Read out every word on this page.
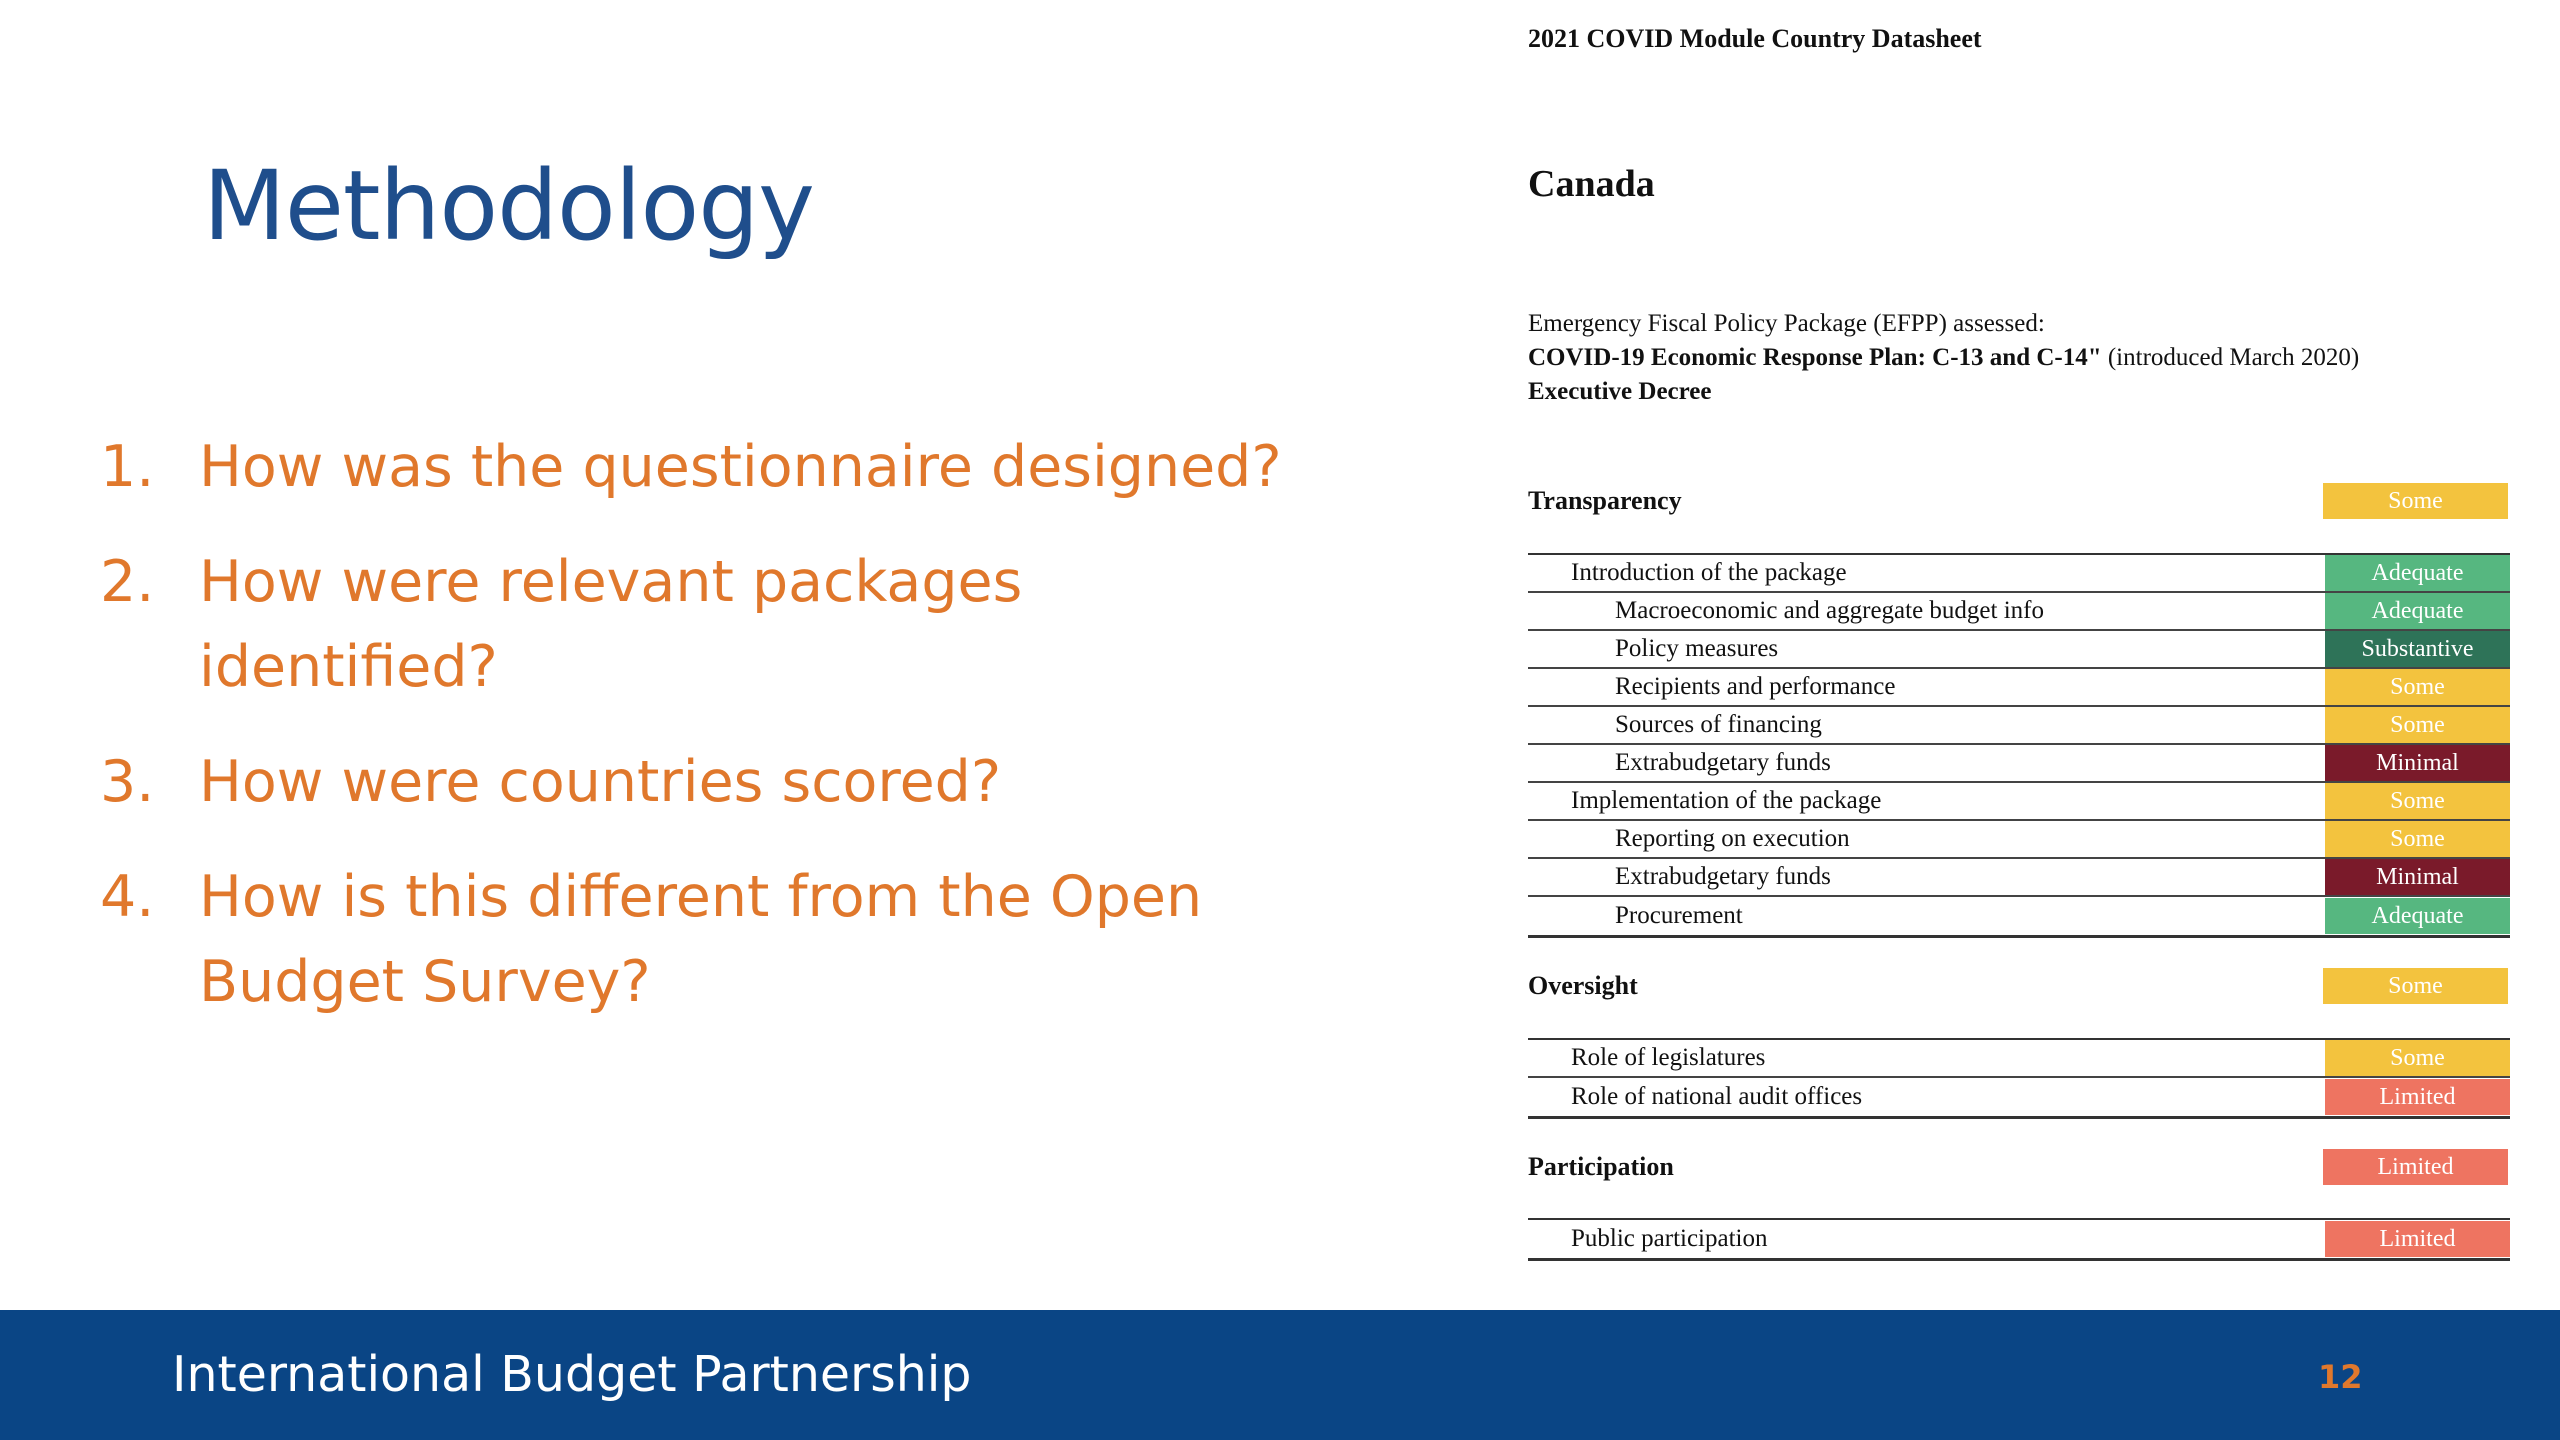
Methodology
1. How was the questionnaire designed?
2. How were relevant packages identified?
3. How were countries scored?
4. How is this different from the Open Budget Survey?
2021 COVID Module Country Datasheet
Canada
Emergency Fiscal Policy Package (EFPP) assessed:
COVID-19 Economic Response Plan: C-13 and C-14" (introduced March 2020)
Executive Decree
Transparency	Some
Introduction of the package	Adequate
Macroeconomic and aggregate budget info	Adequate
Policy measures	Substantive
Recipients and performance	Some
Sources of financing	Some
Extrabudgetary funds	Minimal
Implementation of the package	Some
Reporting on execution	Some
Extrabudgetary funds	Minimal
Procurement	Adequate
Oversight	Some
Role of legislatures	Some
Role of national audit offices	Limited
Participation	Limited
Public participation	Limited
International Budget Partnership	12
